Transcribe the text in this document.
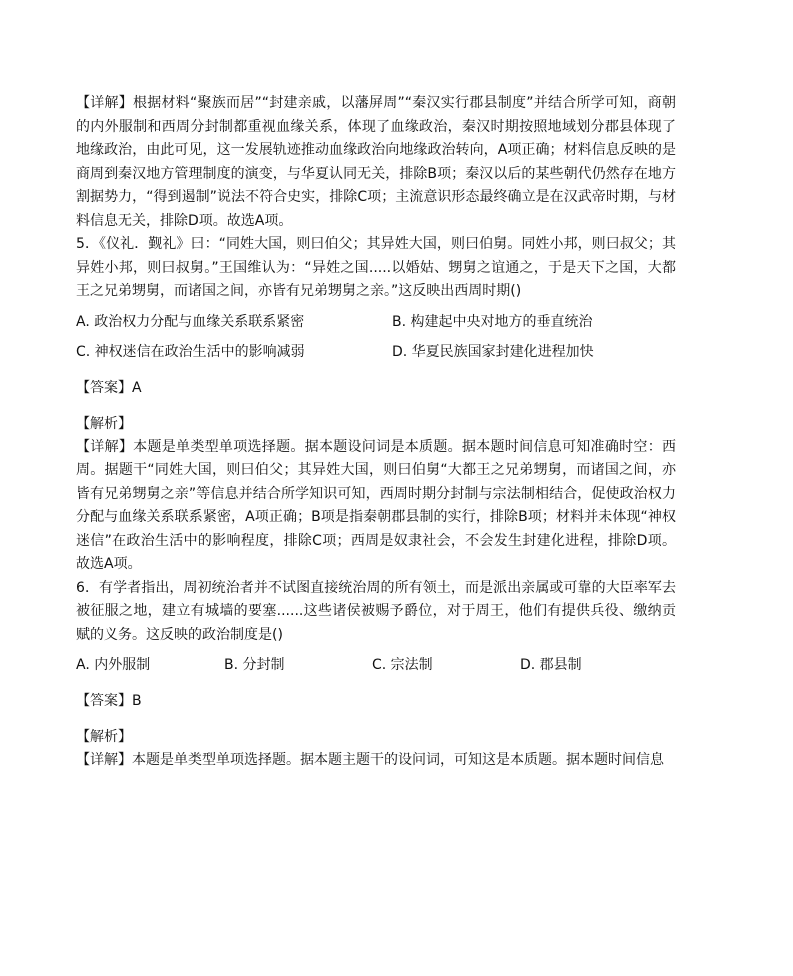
【详解】根据材料“聚族而居”“封建亲戚，以藩屏周”“秦汉实行郡县制度”并结合所学可知，商朝的内外服制和西周分封制都重视血缘关系，体现了血缘政治，秦汉时期按照地域划分郡县体现了地缘政治，由此可见，这一发展轨迹推动血缘政治向地缘政治转向，A项正确；材料信息反映的是商周到秦汉地方管理制度的演变，与华夏认同无关，排除B项；秦汉以后的某些朝代仍然存在地方割据势力，“得到遏制”说法不符合史实，排除C项；主流意识形态最终确立是在汉武帝时期，与材料信息无关，排除D项。故选A项。

5．《仪礼．觐礼》曰：“同姓大国，则曰伯父；其异姓大国，则曰伯舅。同姓小邦，则曰叔父；其异姓小邦，则曰叔舅。”王国维认为：“异姓之国.....以婚姑、甥舅之谊通之，于是天下之国，大都王之兄弟甥舅，而诸国之间，亦皆有兄弟甥舅之亲。”这反映出西周时期()

A. 政治权力分配与血缘关系联系紧密	B. 构建起中央对地方的垂直统治
C. 神权迷信在政治生活中的影响减弱	D. 华夏民族国家封建化进程加快

【答案】A

【解析】

【详解】本题是单类型单项选择题。据本题设问词是本质题。据本题时间信息可知准确时空：西周。据题干“同姓大国，则曰伯父；其异姓大国，则曰伯舅“大都王之兄弟甥舅，而诸国之间，亦皆有兄弟甥舅之亲”等信息并结合所学知识可知，西周时期分封制与宗法制相结合，促使政治权力分配与血缘关系联系紧密，A项正确；B项是指秦朝郡县制的实行，排除B项；材料并未体现“神权迷信”在政治生活中的影响程度，排除C项；西周是奴隶社会，不会发生封建化进程，排除D项。故选A项。

6．有学者指出，周初统治者并不试图直接统治周的所有领土，而是派出亲属或可靠的大臣率军去被征服之地，建立有城墙的要塞......这些诸侯被赐予爵位，对于周王，他们有提供兵役、缴纳贡赋的义务。这反映的政治制度是()

A. 内外服制	B. 分封制	C. 宗法制	D. 郡县制

【答案】B

【解析】

【详解】本题是单类型单项选择题。据本题主题干的设问词，可知这是本质题。据本题时间信息
